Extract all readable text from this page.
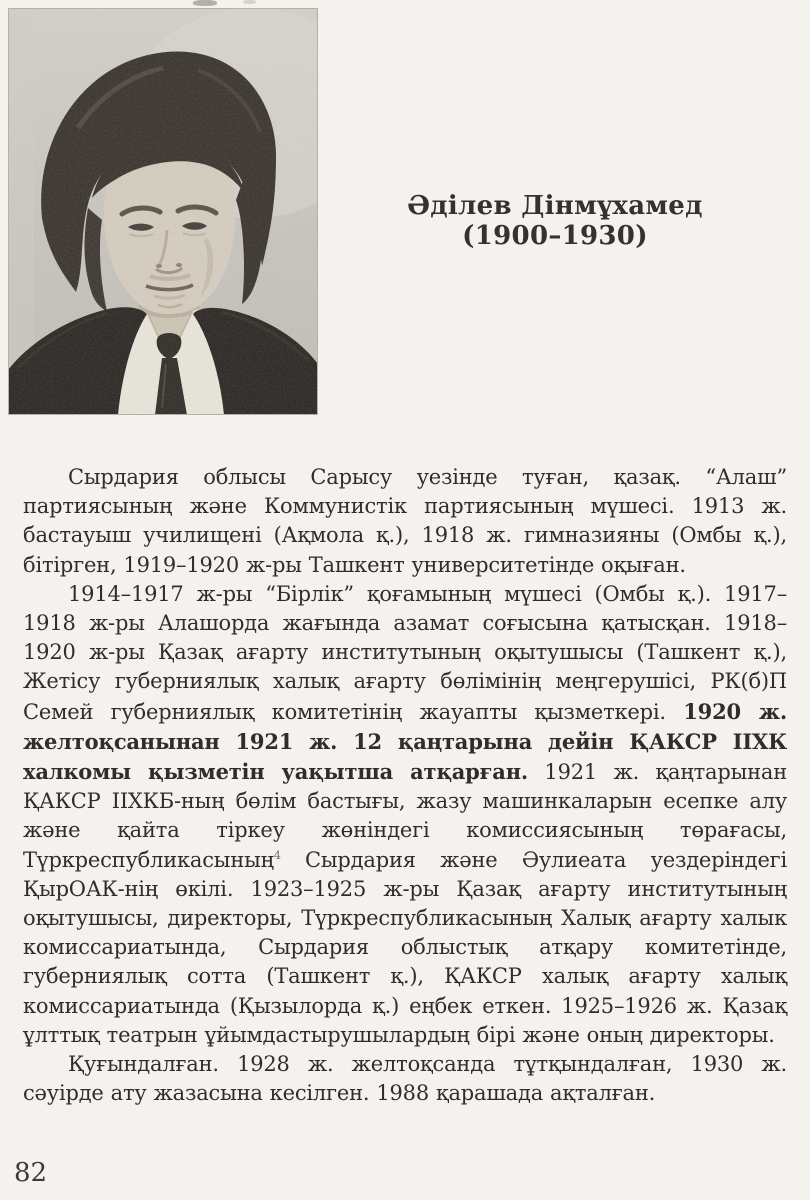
Әділев Дінмұхамед
(1900–1930)

Сырдария облысы Сарысу уезінде туған, қазақ. “Алаш” партиясының және Коммунистік партиясының мүшесі. 1913 ж. бастауыш училищені (Ақмола қ.), 1918 ж. гимназияны (Омбы қ.), бітірген, 1919–1920 ж-ры Ташкент университетінде оқыған.

1914–1917 ж-ры “Бірлік” қоғамының мүшесі (Омбы қ.). 1917–1918 ж-ры Алашорда жағында азамат соғысына қатысқан. 1918–1920 ж-ры Қазақ ағарту институтының оқытушысы (Ташкент қ.), Жетісу губерниялық халық ағарту бөлімінің меңгерушісі, РК(б)П Семей губерниялық комитетінің жауапты қызметкері. 1920 ж. желтоқсанынан 1921 ж. 12 қаңтарына дейін ҚАКСР ІІХК халкомы қызметін уақытша атқарған. 1921 ж. қаңтарынан ҚАКСР ІІХКБ-ның бөлім бастығы, жазу машинкаларын есепке алу және қайта тіркеу жөніндегі комиссиясының төрағасы, Түркреспубликасының$^4$ Сырдария және Әулиеата уездеріндегі ҚырОАК-нің өкілі. 1923–1925 ж-ры Қазақ ағарту институтының оқытушысы, директоры, Түркреспубликасының Халық ағарту халык комиссариатында, Сырдария облыстық атқару комитетінде, губерниялық сотта (Ташкент қ.), ҚАКСР халық ағарту халық комиссариатында (Қызылорда қ.) еңбек еткен. 1925–1926 ж. Қазақ ұлттық театрын ұйымдастырушылардың бірі және оның директоры.

Қуғындалған. 1928 ж. желтоқсанда тұтқындалған, 1930 ж. сәуірде ату жазасына кесілген. 1988 қарашада ақталған.

82
